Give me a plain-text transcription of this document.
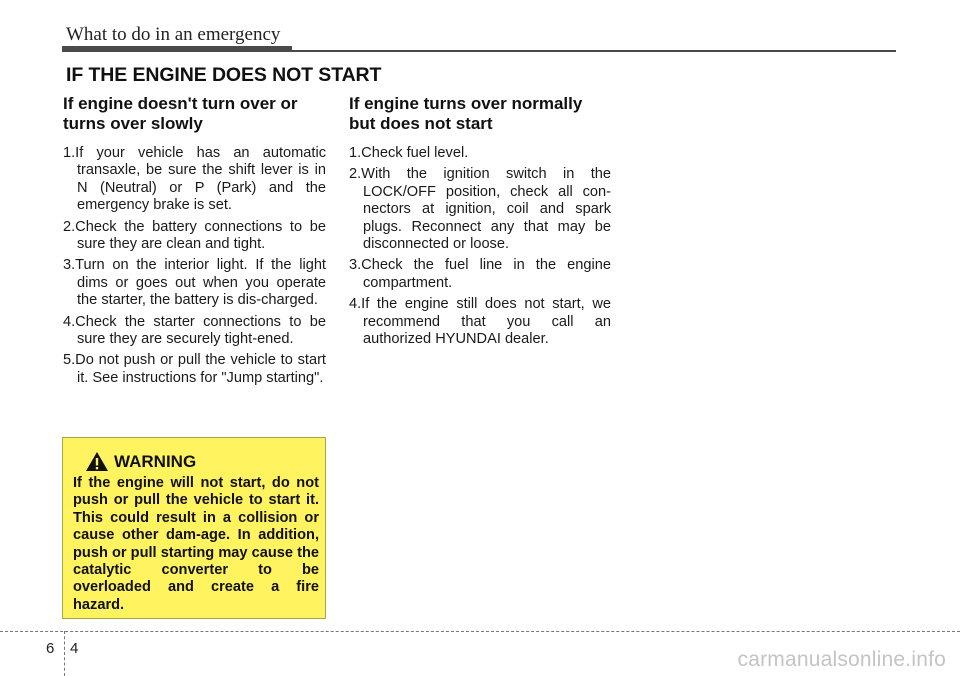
What to do in an emergency
IF THE ENGINE DOES NOT START
If engine doesn't turn over or turns over slowly
1.If your vehicle has an automatic transaxle, be sure the shift lever is in N (Neutral) or P (Park) and the emergency brake is set.
2.Check the battery connections to be sure they are clean and tight.
3.Turn on the interior light. If the light dims or goes out when you operate the starter, the battery is dis-charged.
4.Check the starter connections to be sure they are securely tight-ened.
5.Do not push or pull the vehicle to start it. See instructions for "Jump starting".
WARNING

If the engine will not start, do not push or pull the vehicle to start it. This could result in a collision or cause other dam-age. In addition, push or pull starting may cause the catalytic converter to be overloaded and create a fire hazard.

If engine turns over normally but does not start
1.Check fuel level.
2.With the ignition switch in the LOCK/OFF position, check all con-nectors at ignition, coil and spark plugs. Reconnect any that may be disconnected or loose.
3.Check the fuel line in the engine compartment.
4.If the engine still does not start, we recommend that you call an authorized HYUNDAI dealer.
6 4	carmanualsonline.info
